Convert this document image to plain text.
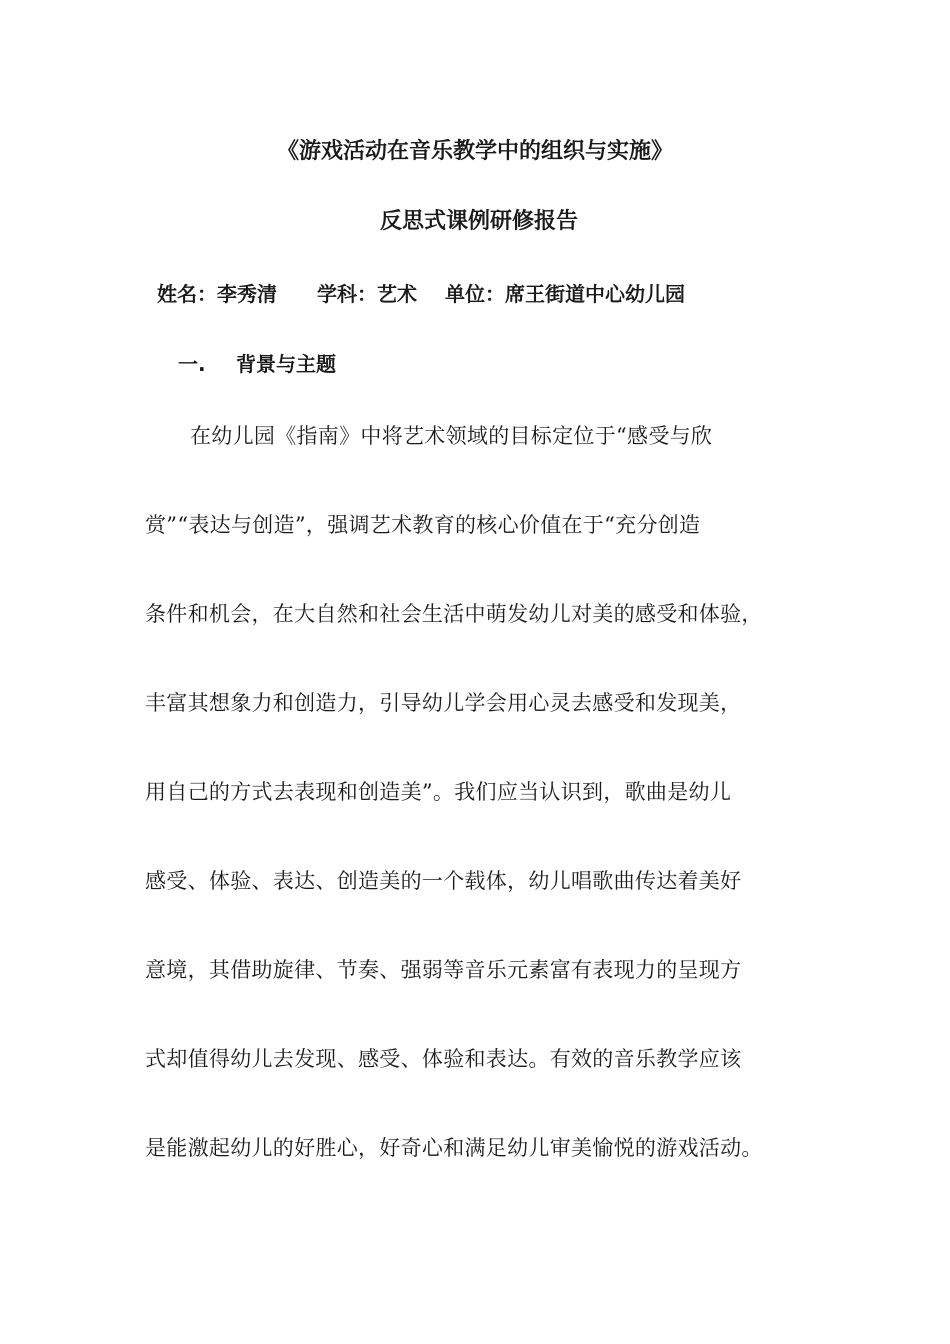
《游戏活动在音乐教学中的组织与实施》
反思式课例研修报告
姓名：李秀清 学科：艺术 单位：席王街道中心幼儿园
一. 背景与主题
在幼儿园《指南》中将艺术领域的目标定位于“感受与欣
赏”“表达与创造”，强调艺术教育的核心价值在于“充分创造
条件和机会，在大自然和社会生活中萌发幼儿对美的感受和体验，
丰富其想象力和创造力，引导幼儿学会用心灵去感受和发现美，
用自己的方式去表现和创造美”。我们应当认识到，歌曲是幼儿
感受、体验、表达、创造美的一个载体，幼儿唱歌曲传达着美好
意境，其借助旋律、节奏、强弱等音乐元素富有表现力的呈现方
式却值得幼儿去发现、感受、体验和表达。有效的音乐教学应该
是能激起幼儿的好胜心，好奇心和满足幼儿审美愉悦的游戏活动。
